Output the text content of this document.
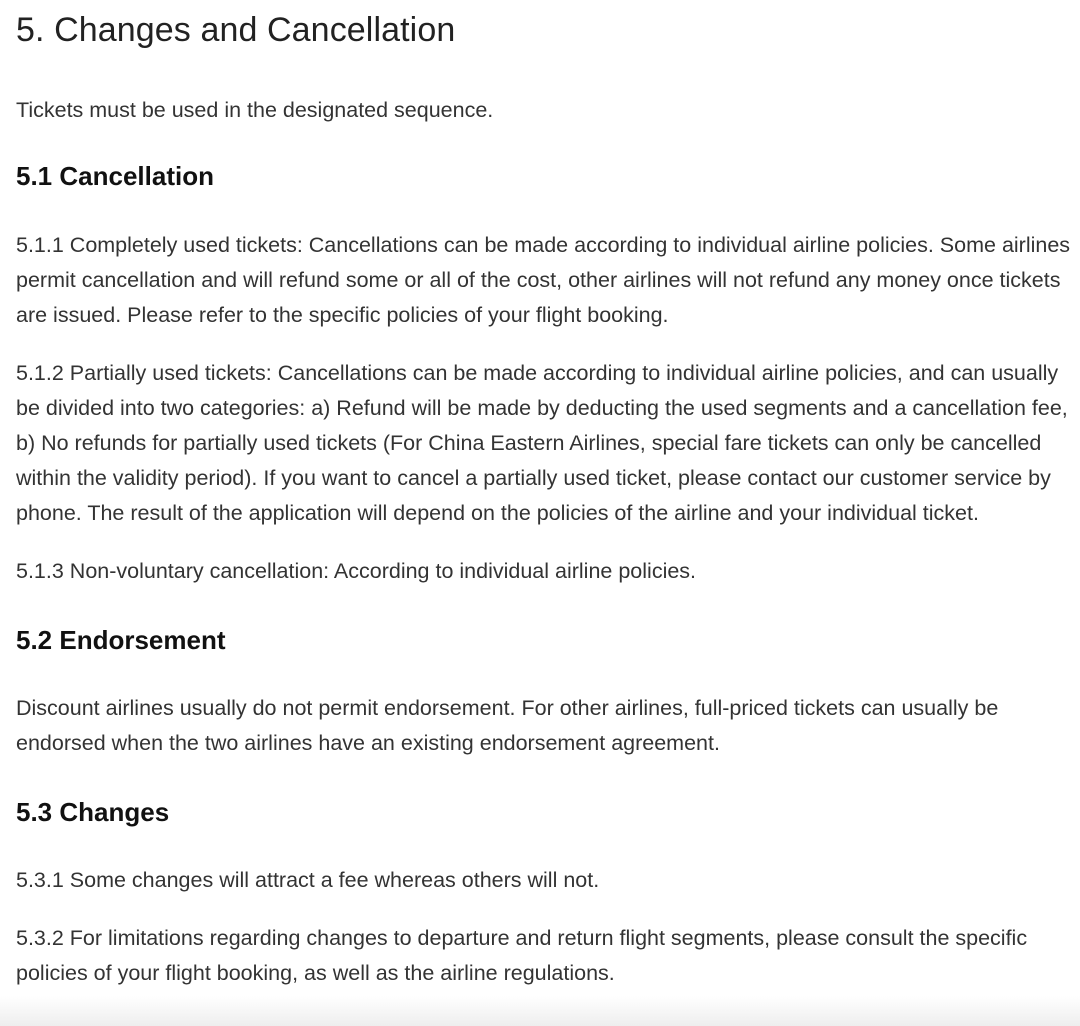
5. Changes and Cancellation

Tickets must be used in the designated sequence.

5.1 Cancellation

5.1.1 Completely used tickets: Cancellations can be made according to individual airline policies. Some airlines permit cancellation and will refund some or all of the cost, other airlines will not refund any money once tickets are issued. Please refer to the specific policies of your flight booking.

5.1.2 Partially used tickets: Cancellations can be made according to individual airline policies, and can usually be divided into two categories: a) Refund will be made by deducting the used segments and a cancellation fee, b) No refunds for partially used tickets (For China Eastern Airlines, special fare tickets can only be cancelled within the validity period). If you want to cancel a partially used ticket, please contact our customer service by phone. The result of the application will depend on the policies of the airline and your individual ticket.

5.1.3 Non-voluntary cancellation: According to individual airline policies.

5.2 Endorsement

Discount airlines usually do not permit endorsement. For other airlines, full-priced tickets can usually be endorsed when the two airlines have an existing endorsement agreement.

5.3 Changes

5.3.1 Some changes will attract a fee whereas others will not.

5.3.2 For limitations regarding changes to departure and return flight segments, please consult the specific policies of your flight booking, as well as the airline regulations.
